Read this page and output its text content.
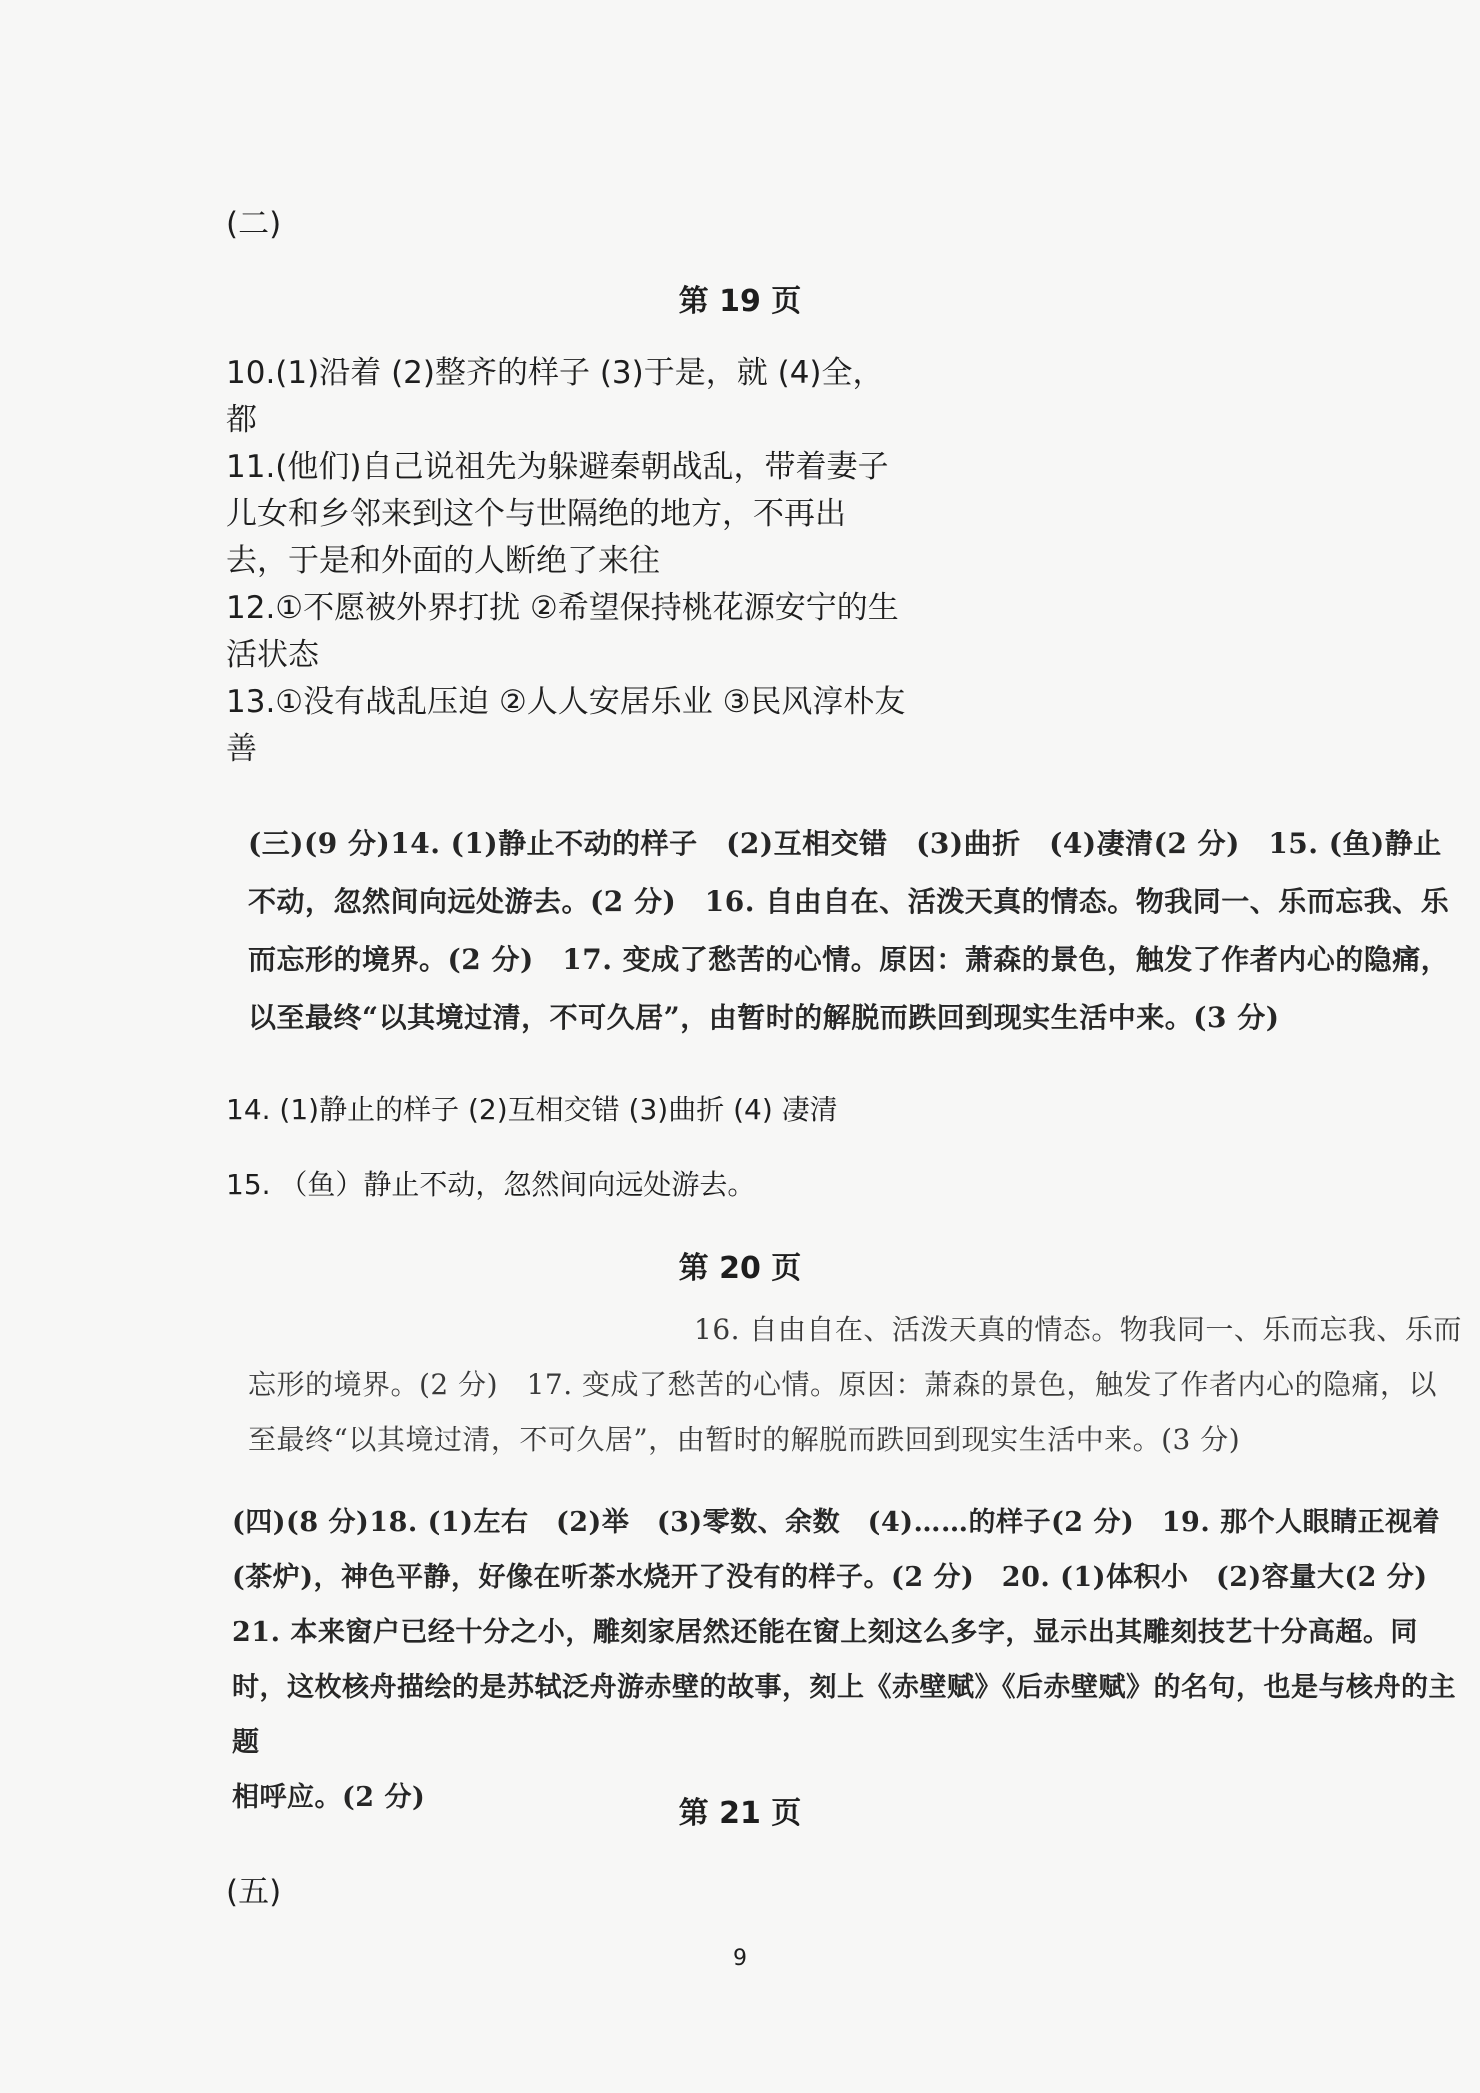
(二)
第 19 页

10.(1)沿着 (2)整齐的样子 (3)于是，就 (4)全，都

11.(他们)自己说祖先为躲避秦朝战乱，带着妻子儿女和乡邻来到这个与世隔绝的地方，不再出去，于是和外面的人断绝了来往

12.①不愿被外界打扰 ②希望保持桃花源安宁的生活状态

13.①没有战乱压迫 ②人人安居乐业 ③民风淳朴友善

(三)(9 分)14. (1)静止不动的样子　(2)互相交错　(3)曲折　(4)凄清(2 分)　15. (鱼)静止不动，忽然间向远处游去。(2 分)　16. 自由自在、活泼天真的情态。物我同一、乐而忘我、乐而忘形的境界。(2 分)　17. 变成了愁苦的心情。原因：萧森的景色，触发了作者内心的隐痛，以至最终“以其境过清，不可久居”，由暂时的解脱而跌回到现实生活中来。(3 分)
14. (1)静止的样子 (2)互相交错 (3)曲折 (4) 凄清
15. （鱼）静止不动，忽然间向远处游去。
第 20 页

16. 自由自在、活泼天真的情态。物我同一、乐而忘我、乐而

忘形的境界。(2 分)　17. 变成了愁苦的心情。原因：萧森的景色，触发了作者内心的隐痛，以

至最终“以其境过清，不可久居”，由暂时的解脱而跌回到现实生活中来。(3 分)

(四)(8 分)18. (1)左右　(2)举　(3)零数、余数　(4)……的样子(2 分)　19. 那个人眼睛正视着

(茶炉)，神色平静，好像在听茶水烧开了没有的样子。(2 分)　20. (1)体积小　(2)容量大(2 分)

21. 本来窗户已经十分之小，雕刻家居然还能在窗上刻这么多字，显示出其雕刻技艺十分高超。同

时，这枚核舟描绘的是苏轼泛舟游赤壁的故事，刻上《赤壁赋》《后赤壁赋》的名句，也是与核舟的主题

相呼应。(2 分)	第 21 页
(五)
9
